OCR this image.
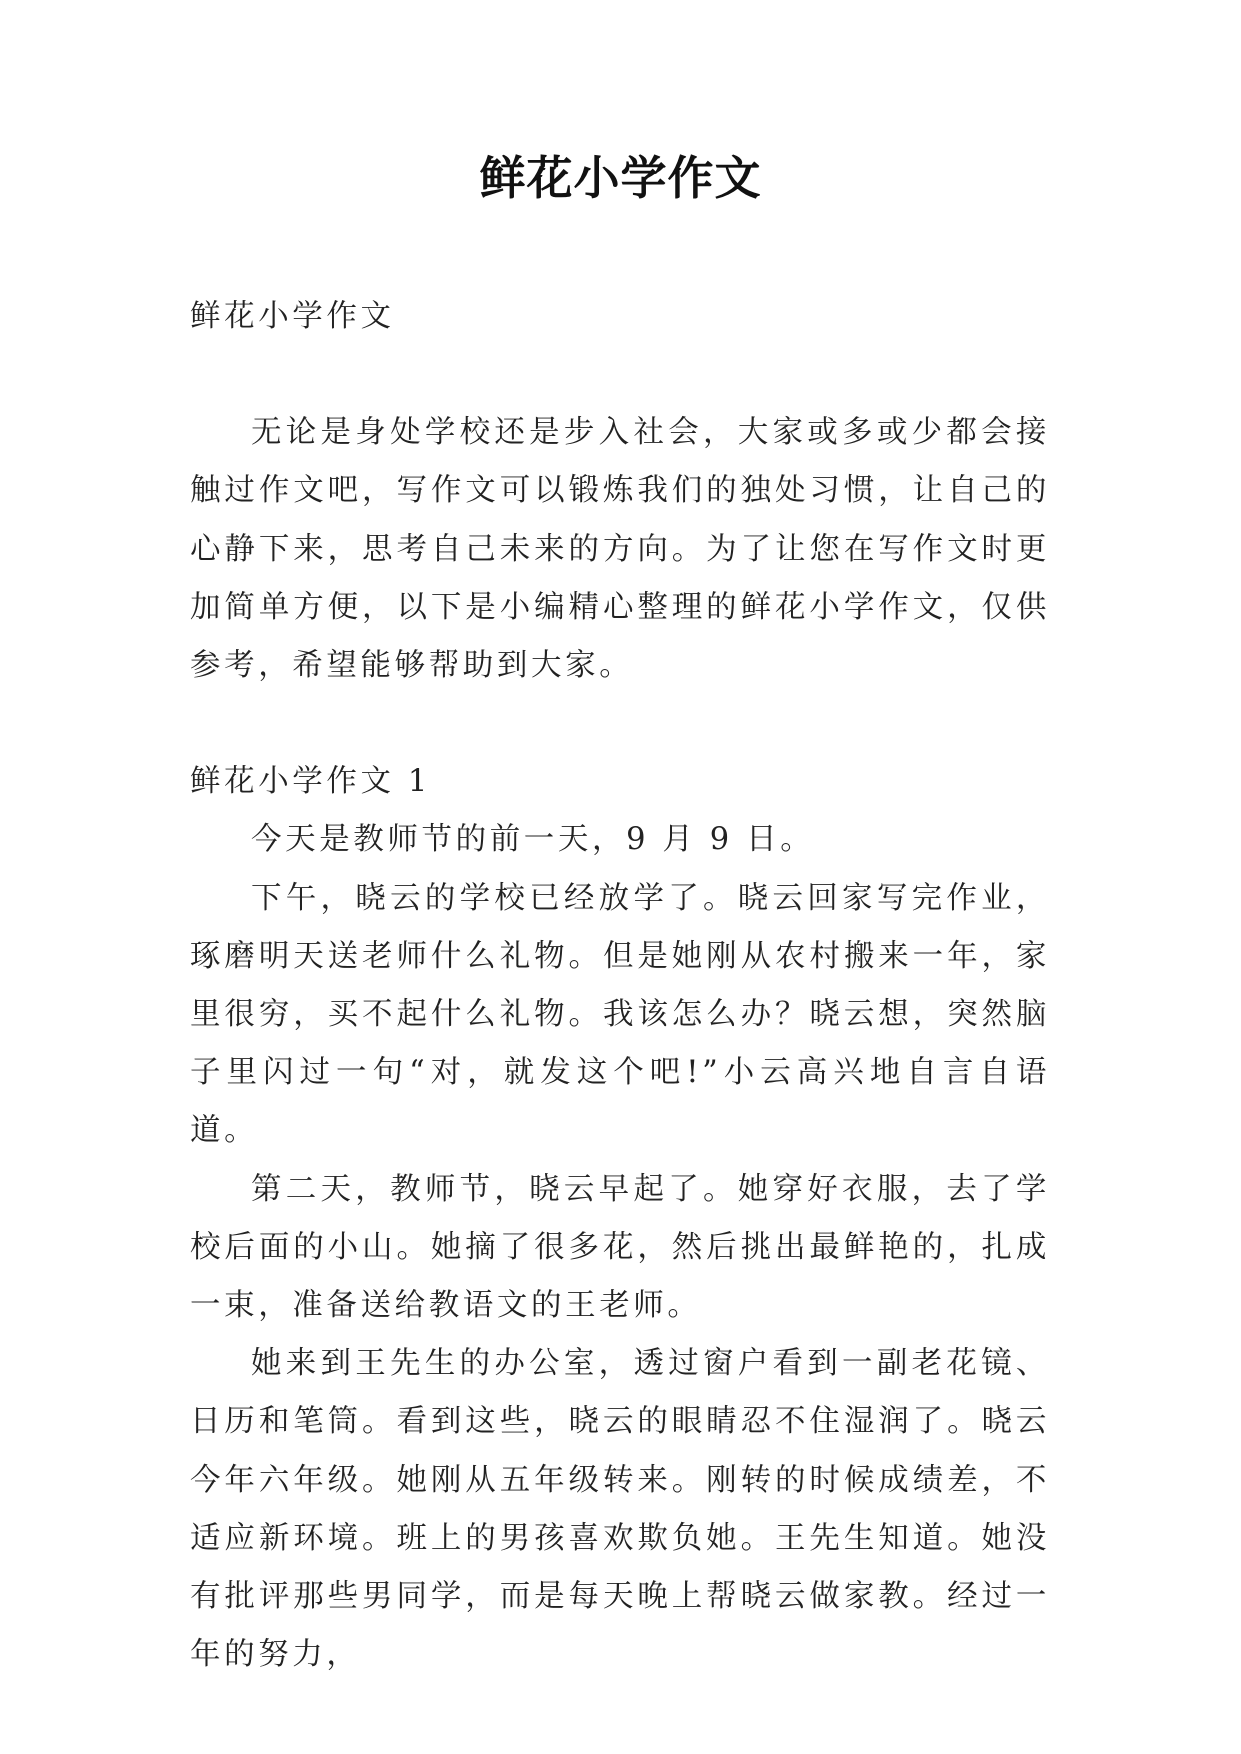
鲜花小学作文

鲜花小学作文

无论是身处学校还是步入社会，大家或多或少都会接触过作文吧，写作文可以锻炼我们的独处习惯，让自己的心静下来，思考自己未来的方向。为了让您在写作文时更加简单方便，以下是小编精心整理的鲜花小学作文，仅供参考，希望能够帮助到大家。

鲜花小学作文 1

今天是教师节的前一天，9 月 9 日。

下午，晓云的学校已经放学了。晓云回家写完作业，琢磨明天送老师什么礼物。但是她刚从农村搬来一年，家里很穷，买不起什么礼物。我该怎么办？晓云想，突然脑子里闪过一句“对，就发这个吧!”小云高兴地自言自语道。

第二天，教师节，晓云早起了。她穿好衣服，去了学校后面的小山。她摘了很多花，然后挑出最鲜艳的，扎成一束，准备送给教语文的王老师。

她来到王先生的办公室，透过窗户看到一副老花镜、日历和笔筒。看到这些，晓云的眼睛忍不住湿润了。晓云今年六年级。她刚从五年级转来。刚转的时候成绩差，不适应新环境。班上的男孩喜欢欺负她。王先生知道。她没有批评那些男同学，而是每天晚上帮晓云做家教。经过一年的努力，
